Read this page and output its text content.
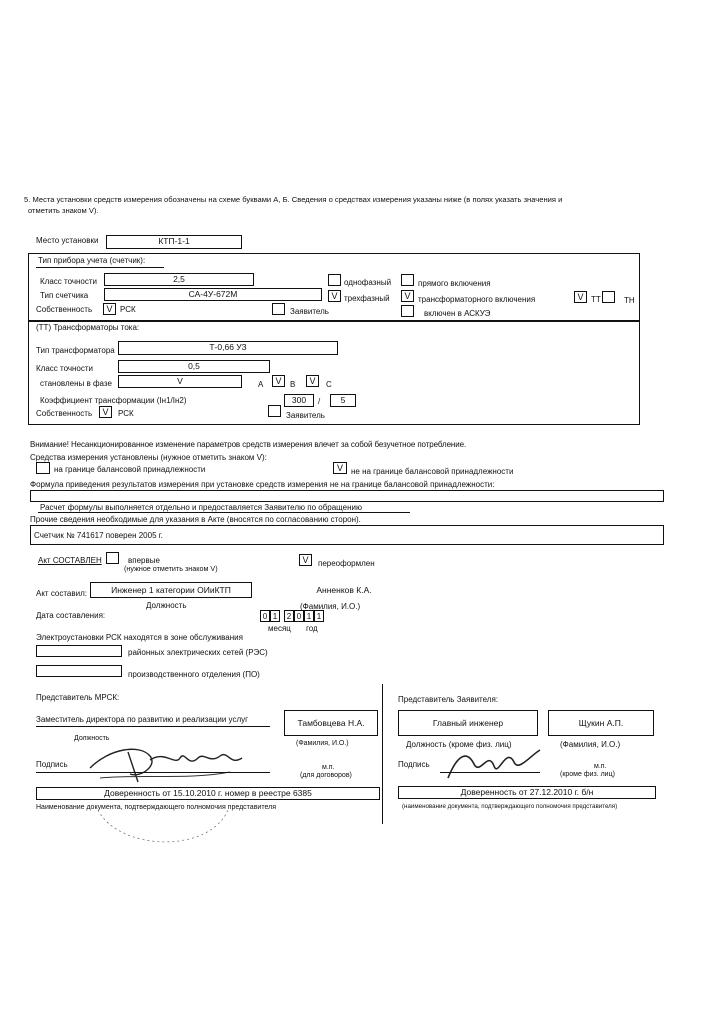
5. Места установки средств измерения обозначены на схеме буквами А, Б. Сведения о средствах измерения указаны ниже (в полях указать значения и
отметить знаком V).
Место установки	КТП-1-1
Тип прибора учета (счетчик):
Класс точности	2,5
Тип счетчика	СА-4У-672М
Собственность	V РСК	Заявитель
однофазный
V трехфазный
прямого включения
V трансформаторного включения
включен в АСКУЭ
V ТТ	ТН
(ТТ) Трансформаторы тока:
Тип трансформатора	Т-0,66 УЗ
Класс точности	0,5
становлены в фазе	V	А	V	В	V	С
Коэффициент трансформации (Iн1/Iн2)	300	/	5
Собственность	V	РСК	Заявитель
Внимание! Несанкционированное изменение параметров средств измерения влечет за собой безучетное потребление.
Средства измерения установлены (нужное отметить знаком V):
на границе балансовой принадлежности	V	не на границе балансовой принадлежности
Формула приведения результатов измерения при установке средств измерения не на границе балансовой принадлежности:
Расчет формулы выполняется отдельно и предоставляется Заявителю по обращению
Прочие сведения необходимые для указания в Акте (вносятся по согласованию сторон).
Счетчик № 741617 поверен 2005 г.
Акт СОСТАВЛЕН	впервые
(нужное отметить знаком V)
V	переоформлен
Акт составил:	Инженер 1 категории ОИиКТП
Должность
Анненков К.А.
(Фамилия, И.О.)
Дата составления:	0 1	2 0 1 1
месяц год
Электроустановки РСК находятся в зоне обслуживания
районных электрических сетей (РЭС)
производственного отделения (ПО)
Представитель МРСК:
Заместитель директора по развитию и реализации услуг
Должность
Тамбовцева Н.А.
(Фамилия, И.О.)
Подпись	м.п.
(для договоров)
Доверенность от 15.10.2010 г. номер в реестре 6385
Наименование документа, подтверждающего полномочия представителя
Представитель Заявителя:
Главный инженер
Должность (кроме физ. лиц)
Щукин А.П.
(Фамилия, И.О.)
Подпись	м.п.
(кроме физ. лиц)
Доверенность от 27.12.2010 г. б/н
(наименование документа, подтверждающего полномочия представителя)
